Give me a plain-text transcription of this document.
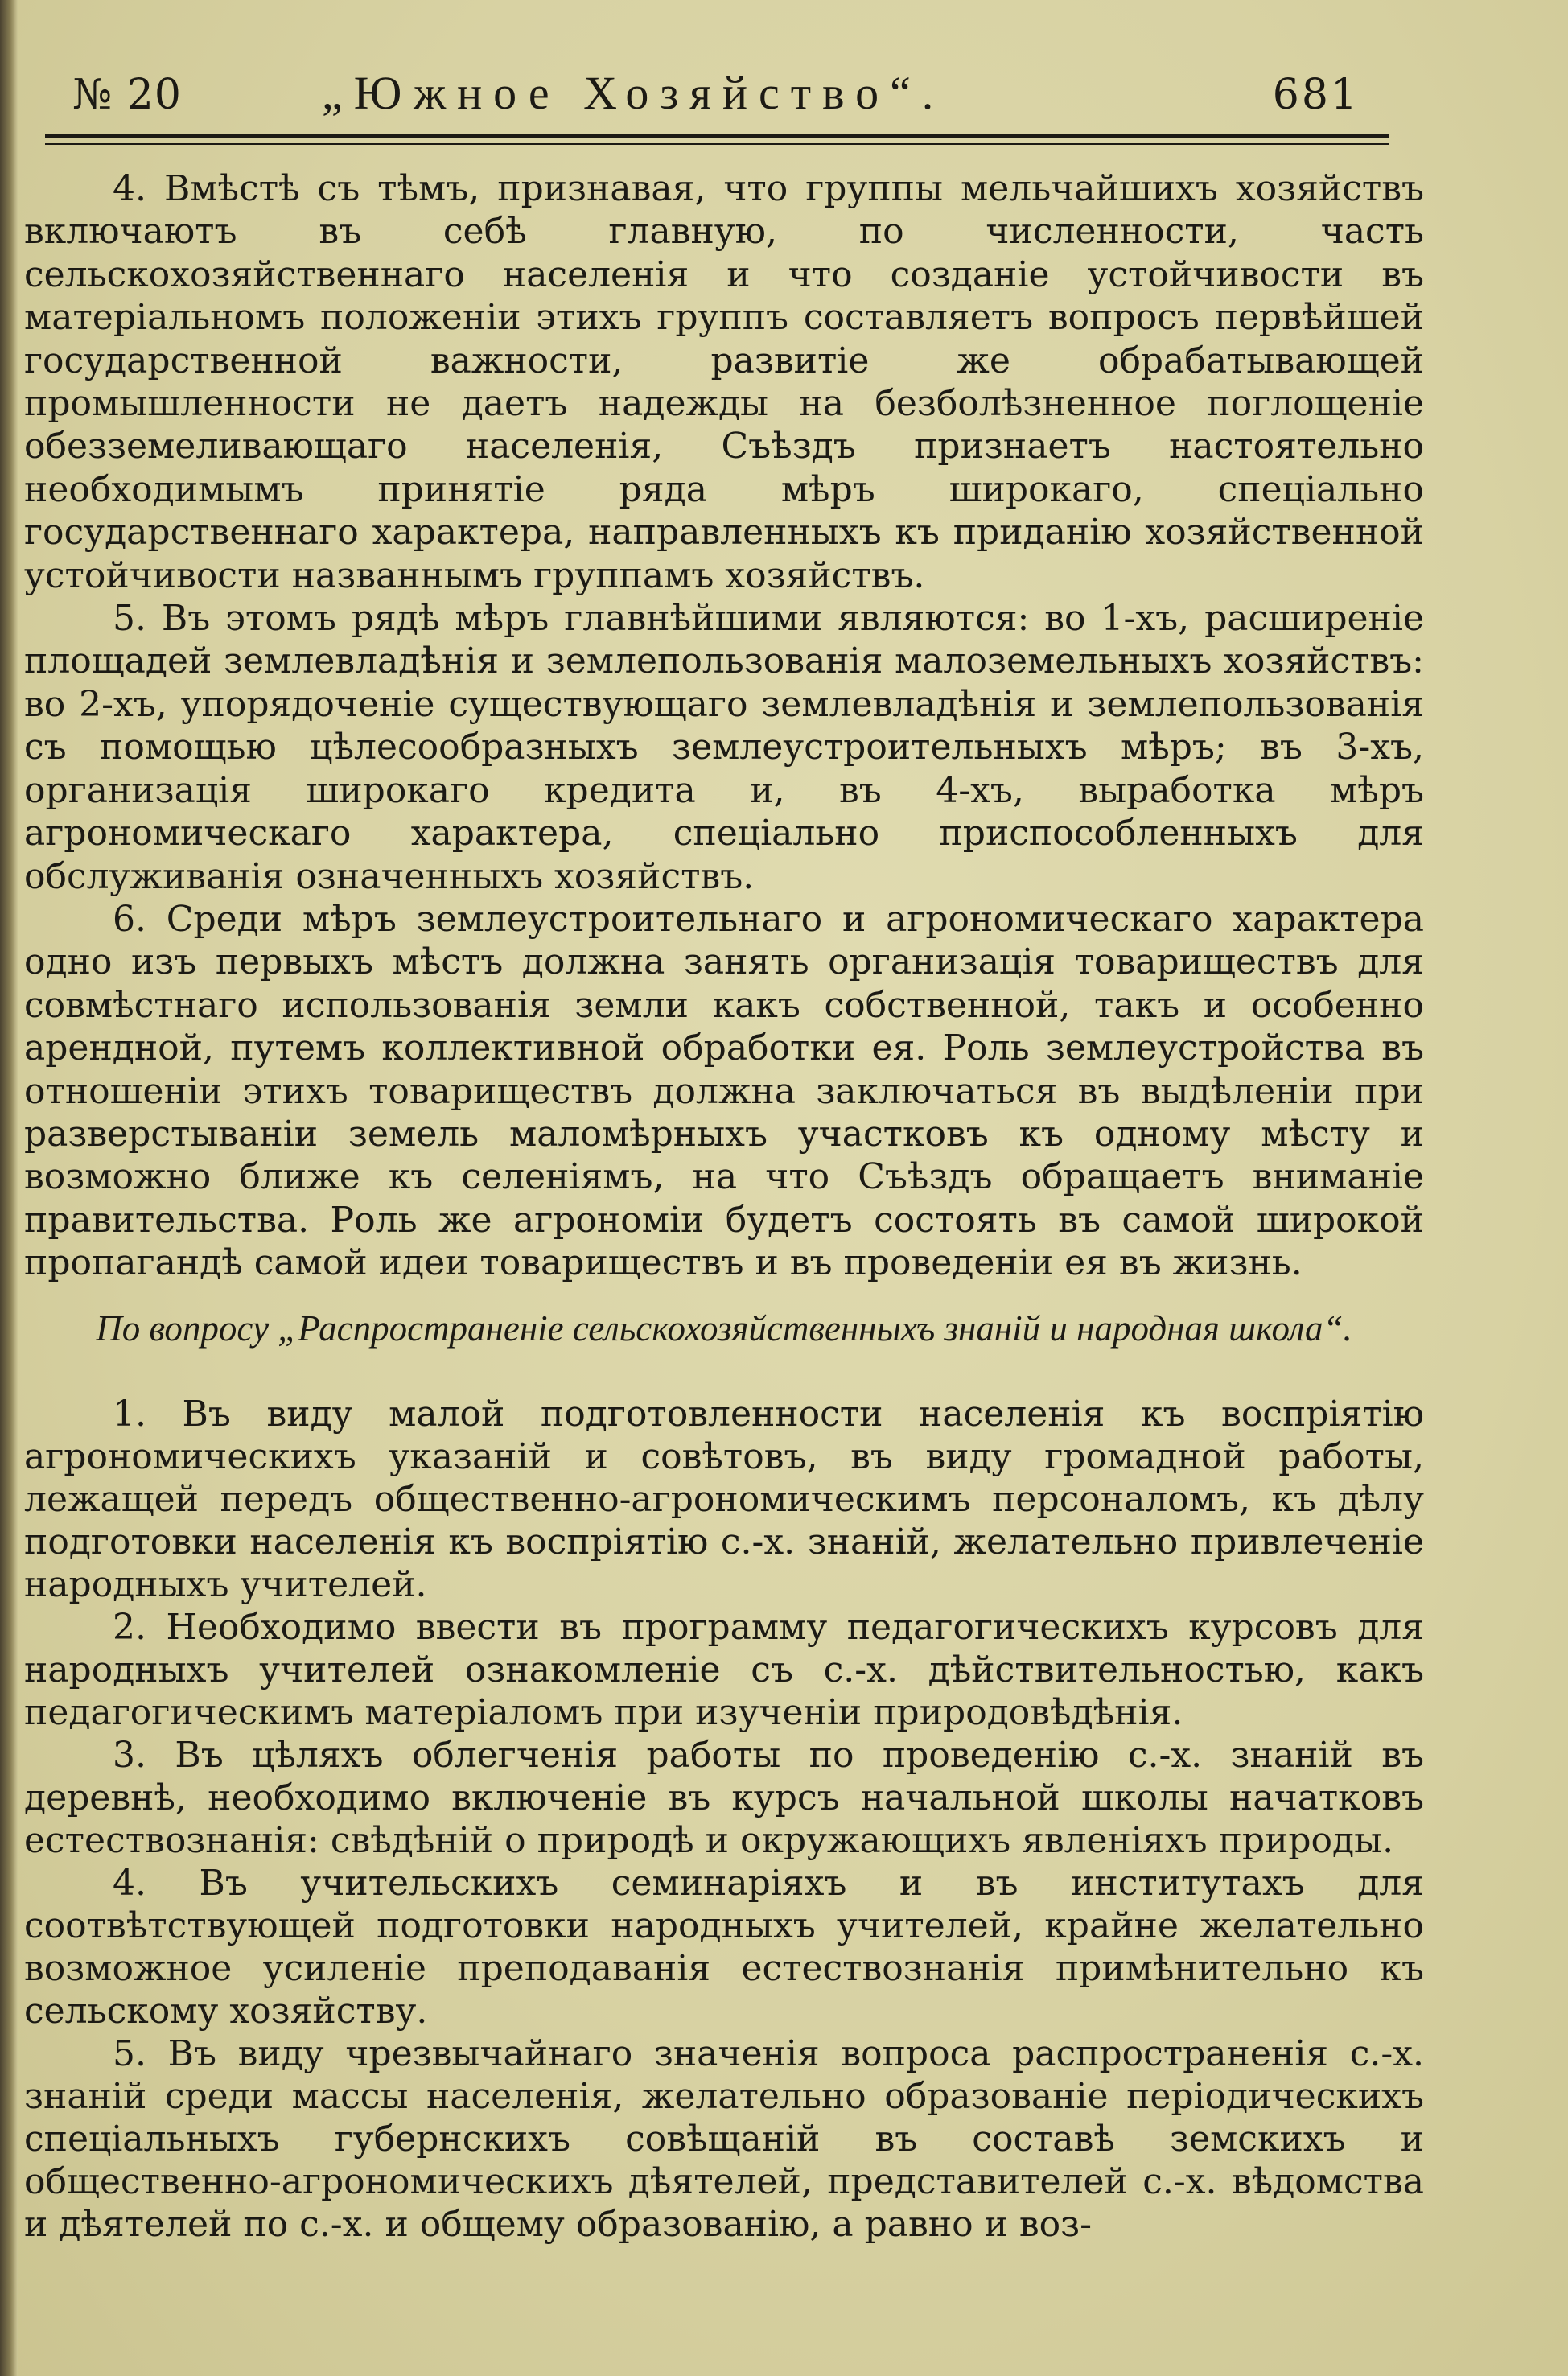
№ 20	„Южное Хозяйство“.	681

4. Вмѣстѣ съ тѣмъ, признавая, что группы мельчайшихъ хозяйствъ включаютъ въ себѣ главную, по численности, часть сельскохозяйственнаго населенія и что созданіе устойчивости въ матеріальномъ положеніи этихъ группъ составляетъ вопросъ первѣйшей государственной важности, развитіе же обрабатывающей промышленности не даетъ надежды на безболѣзненное поглощеніе обезземеливающаго населенія, Съѣздъ признаетъ настоятельно необходимымъ принятіе ряда мѣръ широкаго, спеціально государственнаго характера, направленныхъ къ приданію хозяйственной устойчивости названнымъ группамъ хозяйствъ.

5. Въ этомъ рядѣ мѣръ главнѣйшими являются: во 1-хъ, расширеніе площадей землевладѣнія и землепользованія малоземельныхъ хозяйствъ: во 2-хъ, упорядоченіе существующаго землевладѣнія и землепользованія съ помощью цѣлесообразныхъ землеустроительныхъ мѣръ; въ 3-хъ, организація широкаго кредита и, въ 4-хъ, выработка мѣръ агрономическаго характера, спеціально приспособленныхъ для обслуживанія означенныхъ хозяйствъ.

6. Среди мѣръ землеустроительнаго и агрономическаго характера одно изъ первыхъ мѣстъ должна занять организація товариществъ для совмѣстнаго использованія земли какъ собственной, такъ и особенно арендной, путемъ коллективной обработки ея. Роль землеустройства въ отношеніи этихъ товариществъ должна заключаться въ выдѣленіи при разверстываніи земель маломѣрныхъ участковъ къ одному мѣсту и возможно ближе къ селеніямъ, на что Съѣздъ обращаетъ вниманіе правительства. Роль же агрономіи будетъ состоять въ самой широкой пропагандѣ самой идеи товариществъ и въ проведеніи ея въ жизнь.

По вопросу „Распространеніе сельскохозяйственныхъ знаній и народная школа“.

1. Въ виду малой подготовленности населенія къ воспріятію агрономическихъ указаній и совѣтовъ, въ виду громадной работы, лежащей передъ общественно-агрономическимъ персоналомъ, къ дѣлу подготовки населенія къ воспріятію с.-х. знаній, желательно привлеченіе народныхъ учителей.

2. Необходимо ввести въ программу педагогическихъ курсовъ для народныхъ учителей ознакомленіе съ с.-х. дѣйствительностью, какъ педагогическимъ матеріаломъ при изученіи природовѣдѣнія.

3. Въ цѣляхъ облегченія работы по проведенію с.-х. знаній въ деревнѣ, необходимо включеніе въ курсъ начальной школы начатковъ естествознанія: свѣдѣній о природѣ и окружающихъ явленіяхъ природы.

4. Въ учительскихъ семинаріяхъ и въ институтахъ для соотвѣтствующей подготовки народныхъ учителей, крайне желательно возможное усиленіе преподаванія естествознанія примѣнительно къ сельскому хозяйству.

5. Въ виду чрезвычайнаго значенія вопроса распространенія с.-х. знаній среди массы населенія, желательно образованіе періодическихъ спеціальныхъ губернскихъ совѣщаній въ составѣ земскихъ и общественно-агрономическихъ дѣятелей, представителей с.-х. вѣдомства и дѣятелей по с.-х. и общему образованію, а равно и воз-
